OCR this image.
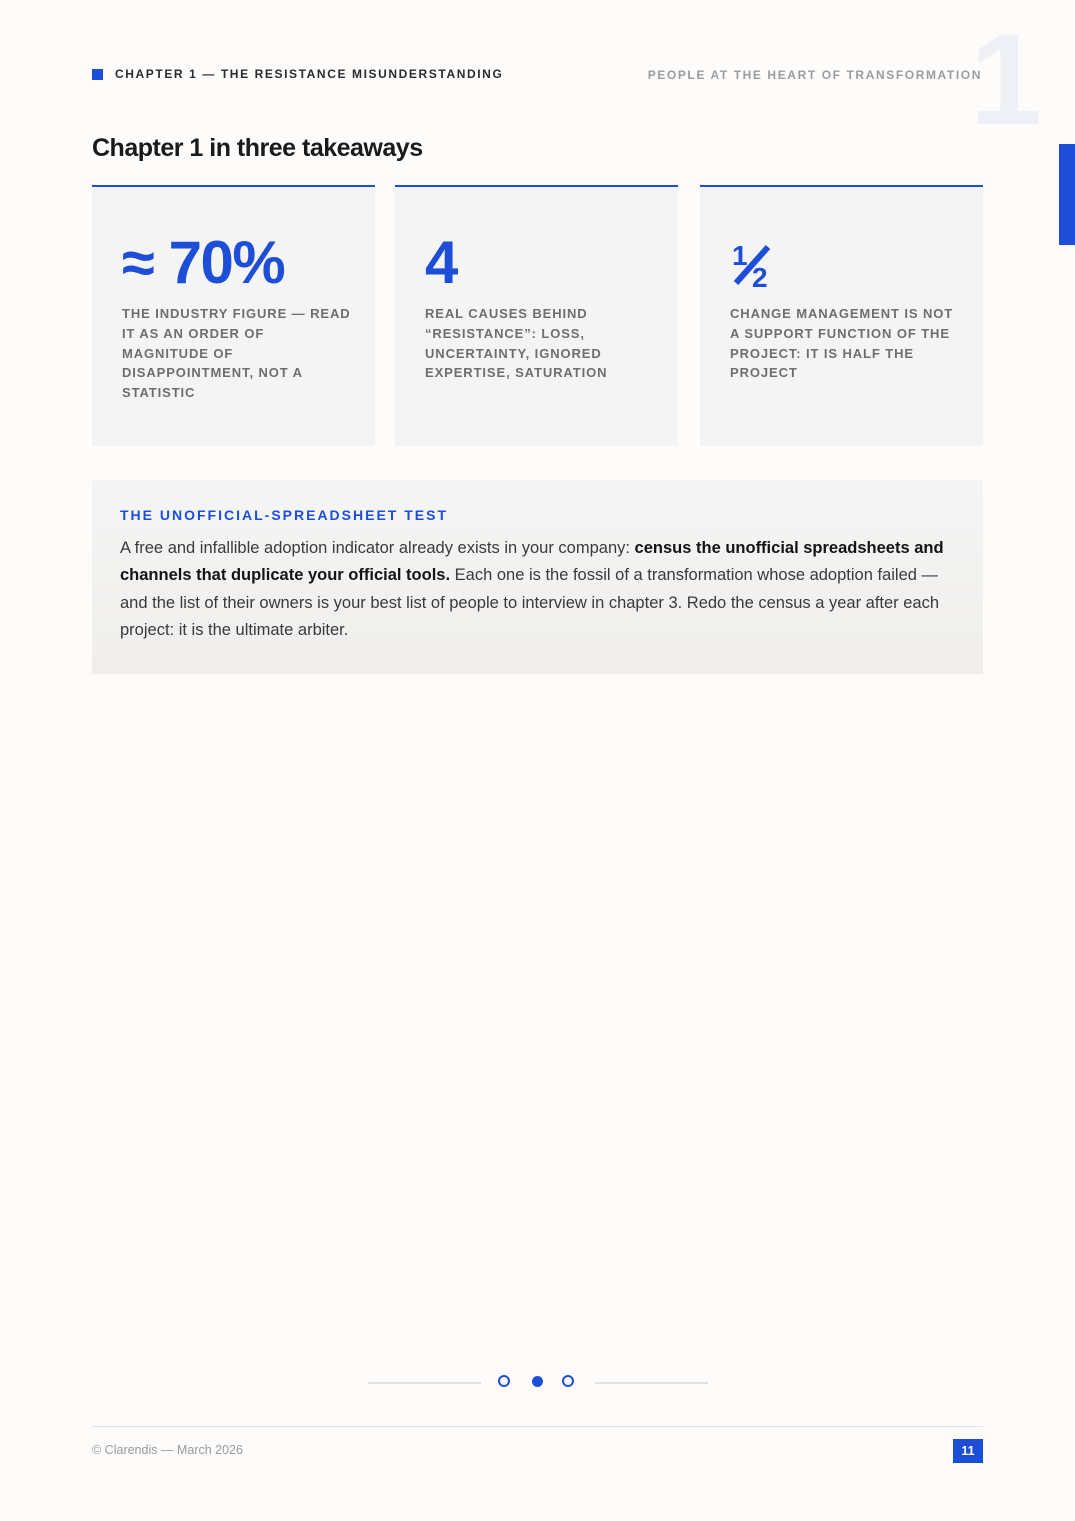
CHAPTER 1 — THE RESISTANCE MISUNDERSTANDING	PEOPLE AT THE HEART OF TRANSFORMATION
1
Chapter 1 in three takeaways
≈ 70%
THE INDUSTRY FIGURE — READ IT AS AN ORDER OF MAGNITUDE OF DISAPPOINTMENT, NOT A STATISTIC
4
REAL CAUSES BEHIND “RESISTANCE”: LOSS, UNCERTAINTY, IGNORED EXPERTISE, SATURATION
1
2
CHANGE MANAGEMENT IS NOT A SUPPORT FUNCTION OF THE PROJECT: IT IS HALF THE PROJECT
THE UNOFFICIAL-SPREADSHEET TEST

A free and infallible adoption indicator already exists in your company: census the unofficial spreadsheets and channels that duplicate your official tools. Each one is the fossil of a transformation whose adoption failed — and the list of their owners is your best list of people to interview in chapter 3. Redo the census a year after each project: it is the ultimate arbiter.

© Clarendis — March 2026	11
